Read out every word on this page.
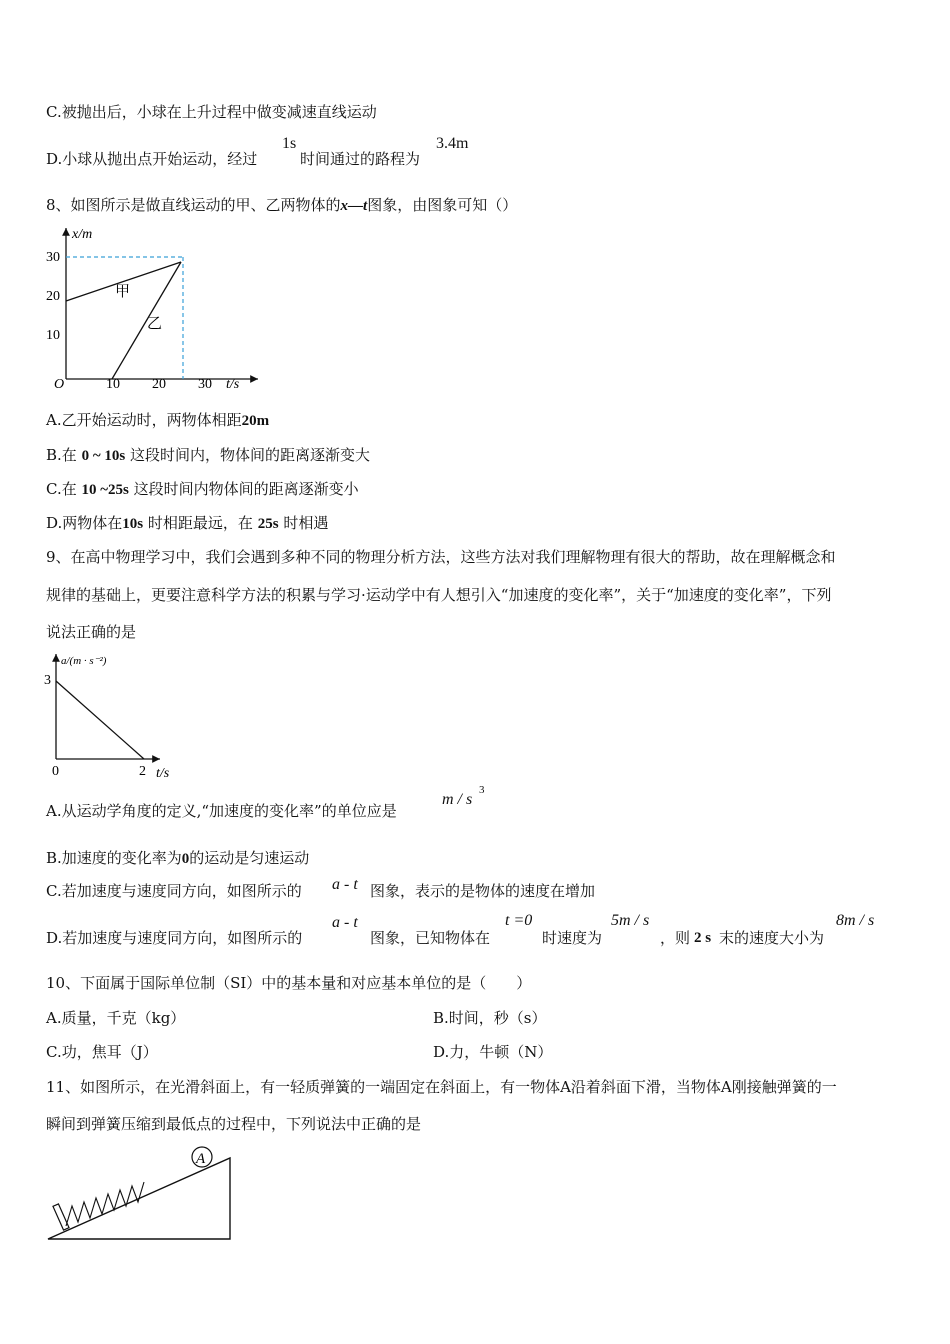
C.被抛出后，小球在上升过程中做变减速直线运动
D.小球从抛出点开始运动，经过
1s
时间通过的路程为
3.4m
8、如图所示是做直线运动的甲、乙两物体的x—t图象，由图象可知（）
x/m
t/s
O
10
20
30
10 20 30
甲
乙
A.乙开始运动时，两物体相距20m
B.在 0 ~ 10s 这段时间内，物体间的距离逐渐变大
C.在 10 ~25s 这段时间内物体间的距离逐渐变小
D.两物体在10s 时相距最远，在 25s 时相遇
9、在高中物理学习中，我们会遇到多种不同的物理分析方法，这些方法对我们理解物理有很大的帮助，故在理解概念和
规律的基础上，更要注意科学方法的积累与学习·运动学中有人想引入“加速度的变化率”，关于“加速度的变化率”，下列
说法正确的是
a/(m · s⁻²)
3
0	2 t/s
A.从运动学角度的定义,“加速度的变化率”的单位应是
m / s
3
B.加速度的变化率为0的运动是匀速运动
C.若加速度与速度同方向，如图所示的 a - t 图象，表示的是物体的速度在增加
D.若加速度与速度同方向，如图所示的
a - t
图象，已知物体在
t =0
时速度为
5m / s
，则 2 s 末的速度大小为
8m / s
10、下面属于国际单位制（SI）中的基本量和对应基本单位的是（　　）
A.质量，千克（kg）	B.时间，秒（s）
C.功，焦耳（J）	D.力，牛顿（N）
11、如图所示，在光滑斜面上，有一轻质弹簧的一端固定在斜面上，有一物体A沿着斜面下滑，当物体A刚接触弹簧的一
瞬间到弹簧压缩到最低点的过程中，下列说法中正确的是
A
